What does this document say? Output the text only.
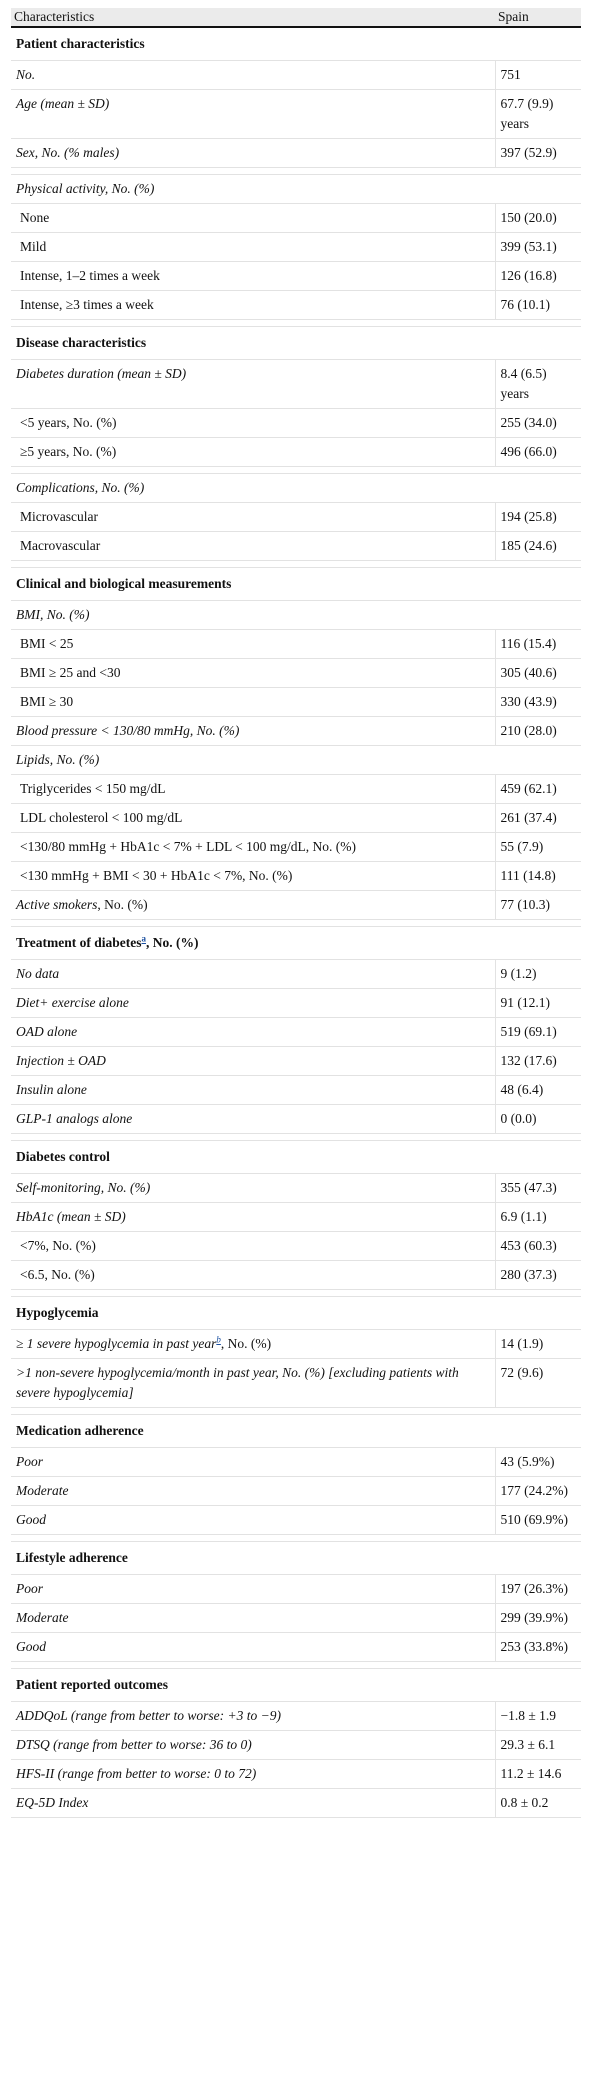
Characteristics	Spain
Patient characteristics	
No.	751
Age (mean ± SD)	67.7 (9.9) years
Sex, No. (% males)	397 (52.9)

Physical activity, No. (%)	
None	150 (20.0)
Mild	399 (53.1)
Intense, 1–2 times a week	126 (16.8)
Intense, ≥3 times a week	76 (10.1)

Disease characteristics	
Diabetes duration (mean ± SD)	8.4 (6.5) years
<5 years, No. (%)	255 (34.0)
≥5 years, No. (%)	496 (66.0)

Complications, No. (%)	
Microvascular	194 (25.8)
Macrovascular	185 (24.6)

Clinical and biological measurements	
BMI, No. (%)	
BMI < 25	116 (15.4)
BMI ≥ 25 and <30	305 (40.6)
BMI ≥ 30	330 (43.9)
Blood pressure < 130/80 mmHg, No. (%)	210 (28.0)
Lipids, No. (%)	
Triglycerides < 150 mg/dL	459 (62.1)
LDL cholesterol < 100 mg/dL	261 (37.4)
<130/80 mmHg + HbA1c < 7% + LDL < 100 mg/dL, No. (%)	55 (7.9)
<130 mmHg + BMI < 30 + HbA1c < 7%, No. (%)	111 (14.8)
Active smokers, No. (%)	77 (10.3)

Treatment of diabetes$^a$, No. (%)	
No data	9 (1.2)
Diet+ exercise alone	91 (12.1)
OAD alone	519 (69.1)
Injection ± OAD	132 (17.6)
Insulin alone	48 (6.4)
GLP-1 analogs alone	0 (0.0)

Diabetes control	
Self-monitoring, No. (%)	355 (47.3)
HbA1c (mean ± SD)	6.9 (1.1)
<7%, No. (%)	453 (60.3)
<6.5, No. (%)	280 (37.3)

Hypoglycemia	
≥ 1 severe hypoglycemia in past year$^b$, No. (%)	14 (1.9)
>1 non-severe hypoglycemia/month in past year, No. (%) [excluding patients with severe hypoglycemia]	72 (9.6)

Medication adherence	
Poor	43 (5.9%)
Moderate	177 (24.2%)
Good	510 (69.9%)

Lifestyle adherence	
Poor	197 (26.3%)
Moderate	299 (39.9%)
Good	253 (33.8%)

Patient reported outcomes	
ADDQoL (range from better to worse: +3 to −9)	−1.8 ± 1.9
DTSQ (range from better to worse: 36 to 0)	29.3 ± 6.1
HFS-II (range from better to worse: 0 to 72)	11.2 ± 14.6
EQ-5D Index	0.8 ± 0.2
